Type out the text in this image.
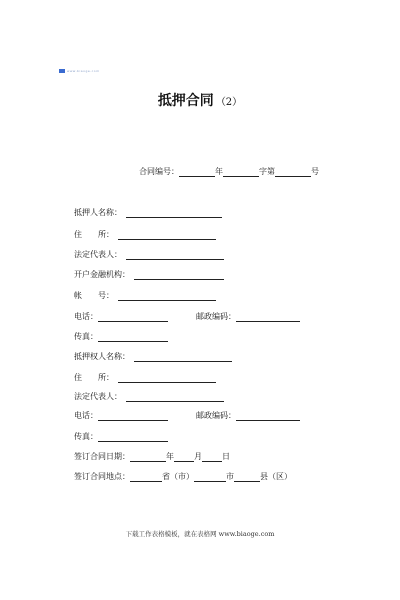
www.biaoge.com
抵押合同 （2）
合同编号：	年	字第	号
抵押人名称：
住　　所：
法定代表人：
开户金融机构：
帐　　号：
电话：	邮政编码：
传真：
抵押权人名称：
住　　所：
法定代表人：
电话：	邮政编码：
传真：
签订合同日期：	年	月	日
签订合同地点：	省（市）	市	县（区）
下载工作表格模板，就在表格网 www.biaoge.com
